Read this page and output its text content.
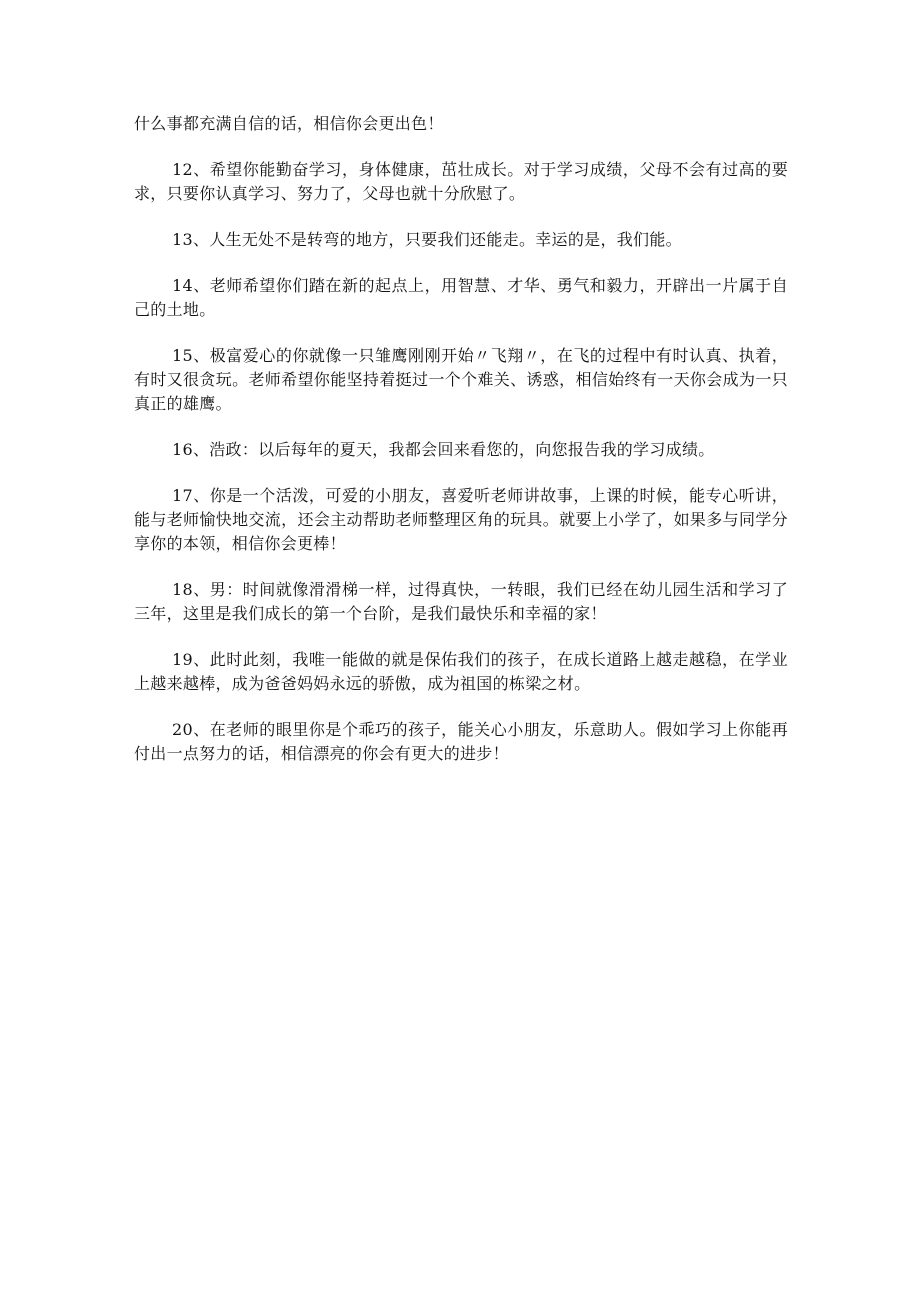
什么事都充满自信的话，相信你会更出色！

12、希望你能勤奋学习，身体健康，茁壮成长。对于学习成绩，父母不会有过高的要求，只要你认真学习、努力了，父母也就十分欣慰了。

13、人生无处不是转弯的地方，只要我们还能走。幸运的是，我们能。

14、老师希望你们踏在新的起点上，用智慧、才华、勇气和毅力，开辟出一片属于自己的土地。

15、极富爱心的你就像一只雏鹰刚刚开始〃飞翔〃，在飞的过程中有时认真、执着，有时又很贪玩。老师希望你能坚持着挺过一个个难关、诱惑，相信始终有一天你会成为一只真正的雄鹰。

16、浩政：以后每年的夏天，我都会回来看您的，向您报告我的学习成绩。

17、你是一个活泼，可爱的小朋友，喜爱听老师讲故事，上课的时候，能专心听讲，能与老师愉快地交流，还会主动帮助老师整理区角的玩具。就要上小学了，如果多与同学分享你的本领，相信你会更棒！

18、男：时间就像滑滑梯一样，过得真快，一转眼，我们已经在幼儿园生活和学习了三年，这里是我们成长的第一个台阶，是我们最快乐和幸福的家！

19、此时此刻，我唯一能做的就是保佑我们的孩子，在成长道路上越走越稳，在学业上越来越棒，成为爸爸妈妈永远的骄傲，成为祖国的栋梁之材。

20、在老师的眼里你是个乖巧的孩子，能关心小朋友，乐意助人。假如学习上你能再付出一点努力的话，相信漂亮的你会有更大的进步！
